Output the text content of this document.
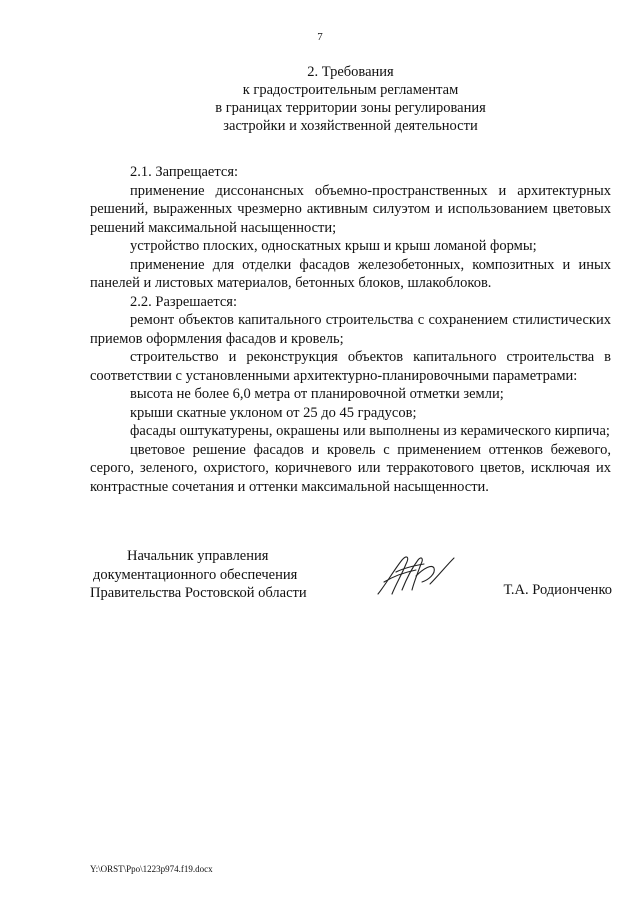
7
2. Требования
к градостроительным регламентам
в границах территории зоны регулирования
застройки и хозяйственной деятельности

2.1. Запрещается:

применение диссонансных объемно-пространственных и архитектурных решений, выраженных чрезмерно активным силуэтом и использованием цветовых решений максимальной насыщенности;

устройство плоских, односкатных крыш и крыш ломаной формы;

применение для отделки фасадов железобетонных, композитных и иных панелей и листовых материалов, бетонных блоков, шлакоблоков.

2.2. Разрешается:

ремонт объектов капитального строительства с сохранением стилистических приемов оформления фасадов и кровель;

строительство и реконструкция объектов капитального строительства в соответствии с установленными архитектурно-планировочными параметрами:

высота не более 6,0 метра от планировочной отметки земли;

крыши скатные уклоном от 25 до 45 градусов;

фасады оштукатурены, окрашены или выполнены из керамического кирпича;

цветовое решение фасадов и кровель с применением оттенков бежевого, серого, зеленого, охристого, коричневого или терракотового цветов, исключая их контрастные сочетания и оттенки максимальной насыщенности.

Начальник управления
документационного обеспечения
Правительства Ростовской области	Т.А. Родионченко
Y:\ORST\Ppo\1223p974.f19.docx
